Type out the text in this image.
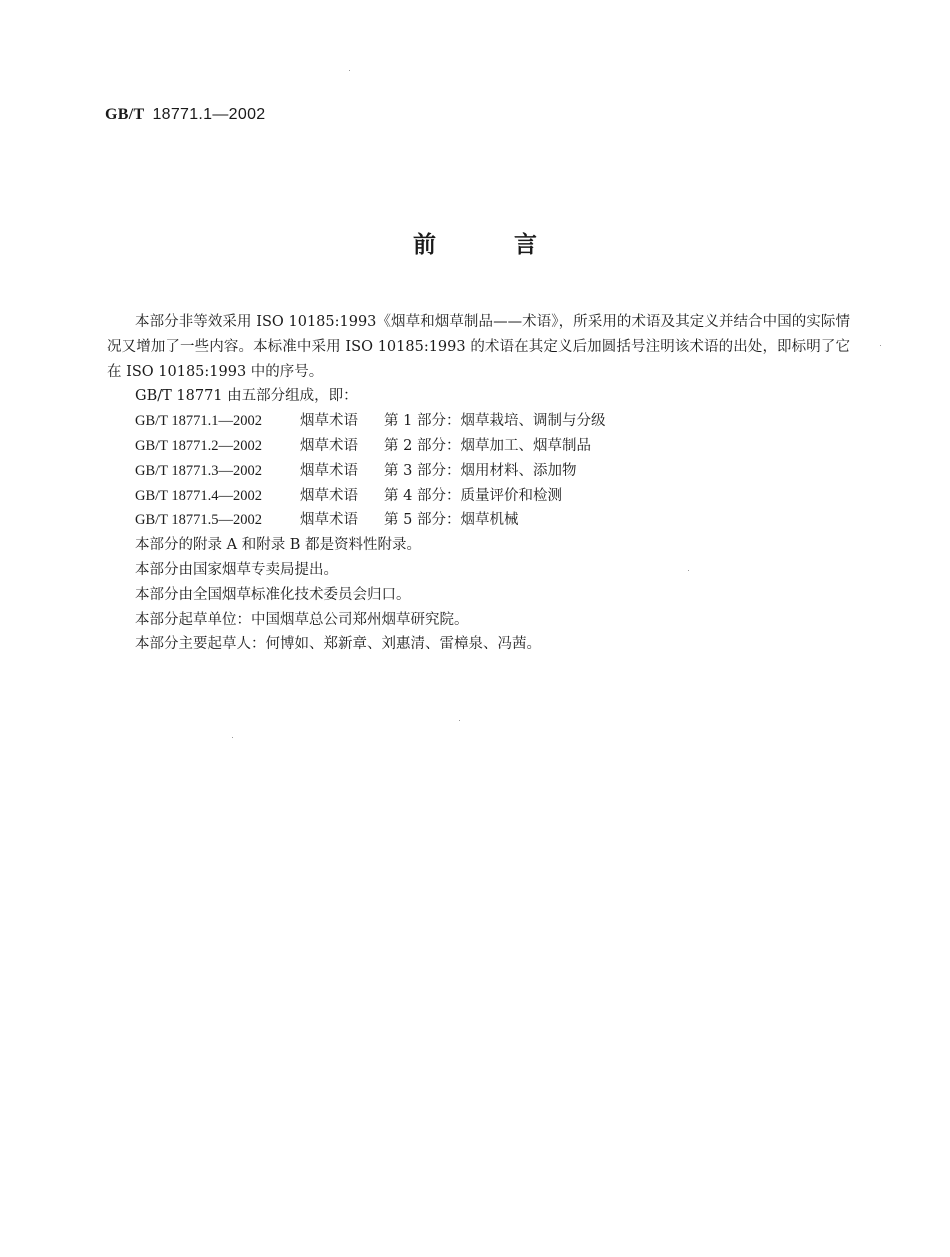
GB/T 18771.1—2002
前言

本部分非等效采用 ISO 10185:1993《烟草和烟草制品——术语》，所采用的术语及其定义并结合中国的实际情况又增加了一些内容。本标准中采用 ISO 10185:1993 的术语在其定义后加圆括号注明该术语的出处，即标明了它在 ISO 10185:1993 中的序号。

GB/T 18771 由五部分组成，即：

GB/T 18771.1—2002	烟草术语	第 1 部分：烟草栽培、调制与分级
GB/T 18771.2—2002	烟草术语	第 2 部分：烟草加工、烟草制品
GB/T 18771.3—2002	烟草术语	第 3 部分：烟用材料、添加物
GB/T 18771.4—2002	烟草术语	第 4 部分：质量评价和检测
GB/T 18771.5—2002	烟草术语	第 5 部分：烟草机械

本部分的附录 A 和附录 B 都是资料性附录。

本部分由国家烟草专卖局提出。

本部分由全国烟草标准化技术委员会归口。

本部分起草单位：中国烟草总公司郑州烟草研究院。

本部分主要起草人：何博如、郑新章、刘惠清、雷樟泉、冯茜。
